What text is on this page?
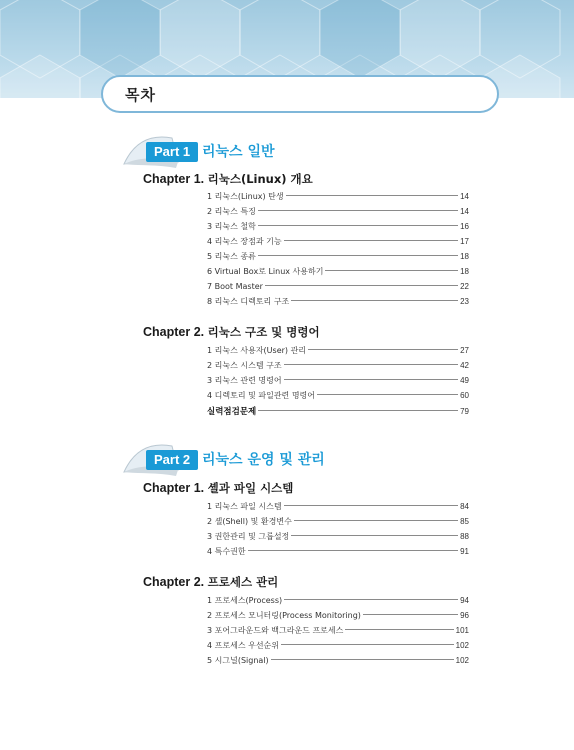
목차
Part 1 리눅스 일반
Chapter 1. 리눅스(Linux) 개요
1 리눅스(Linux) 탄생	14
2 리눅스 특징	14
3 리눅스 철학	16
4 리눅스 장점과 기능	17
5 리눅스 종류	18
6 Virtual Box로 Linux 사용하기	18
7 Boot Master	22
8 리눅스 디렉토리 구조	23
Chapter 2. 리눅스 구조 및 명령어
1 리눅스 사용자(User) 관리	27
2 리눅스 시스템 구조	42
3 리눅스 관련 명령어	49
4 디렉토리 및 파일관련 명령어	60
실력점검문제	79
Part 2 리눅스 운영 및 관리
Chapter 1. 셸과 파일 시스템
1 리눅스 파일 시스템	84
2 셸(Shell) 및 환경변수	85
3 권한관리 및 그룹설정	88
4 특수권한	91
Chapter 2. 프로세스 관리
1 프로세스(Process)	94
2 프로세스 모니터링(Process Monitoring)	96
3 포어그라운드와 백그라운드 프로세스	101
4 프로세스 우선순위	102
5 시그널(Signal)	102
